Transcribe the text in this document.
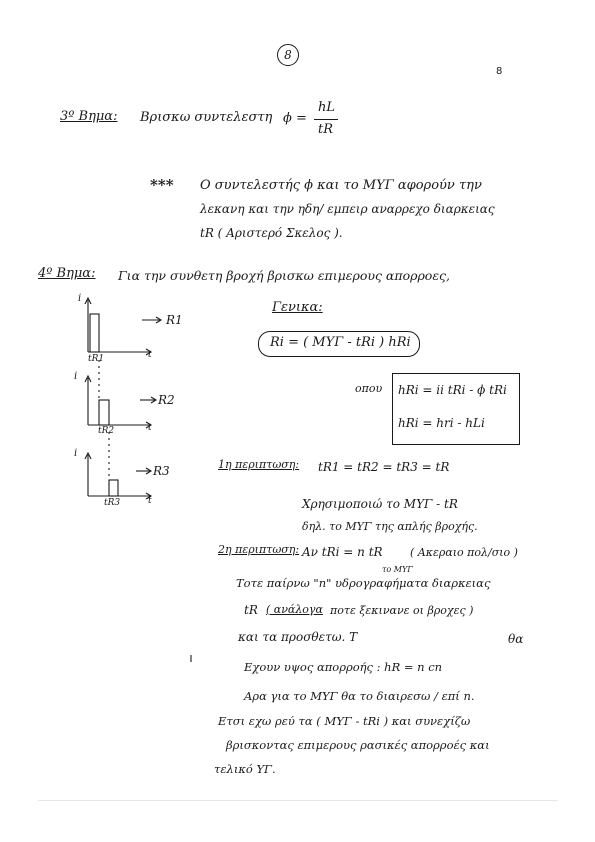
8
8
3º Βημα: Βρισκω συντελεστη ϕ =
hL
tR
*** Ο συντελεστής ϕ και το ΜΥΓ αφορούν την
λεκανη και την ηδη/ εμπειρ αναρρεχο διαρκειας
tR ( Αριστερό Σκελος ).
4º Βημα: Για την συνθετη βροχή βρισκω επιμερους απορροες,
Γενικα:
Ri = ( ΜΥΓ - tRi ) hRi
οπου hRi = ii tRi - ϕ tRi
hRi = hri - hLi
i
t
tR1
R1
i
t
tR2
R2
i
t
tR3
R3	1η περιπτωση: tR1 = tR2 = tR3 = tR
Χρησιμοποιώ το ΜΥΓ - tR
δηλ. το ΜΥΓ της απλής βροχής.
2η περιπτωση: Αν tRi = n tR ( Ακεραιο πολ/σιο )
το ΜΥΓ
Τοτε παίρνω "n" υδρογραφήματα διαρκειας
tR ( ανάλογα ποτε ξεκινανε οι βροχες )
και τα προσθετω. Τ	θα
Εχουν υψος απορροής : hR = n cn
Αρα για το ΜΥΓ θα το διαιρεσω / επί n.
Ετσι εχω ρεύ τα ( ΜΥΓ - tRi ) και συνεχίζω
βρισκοντας επιμερους ρασικές απορροές και
τελικό ΥΓ.
